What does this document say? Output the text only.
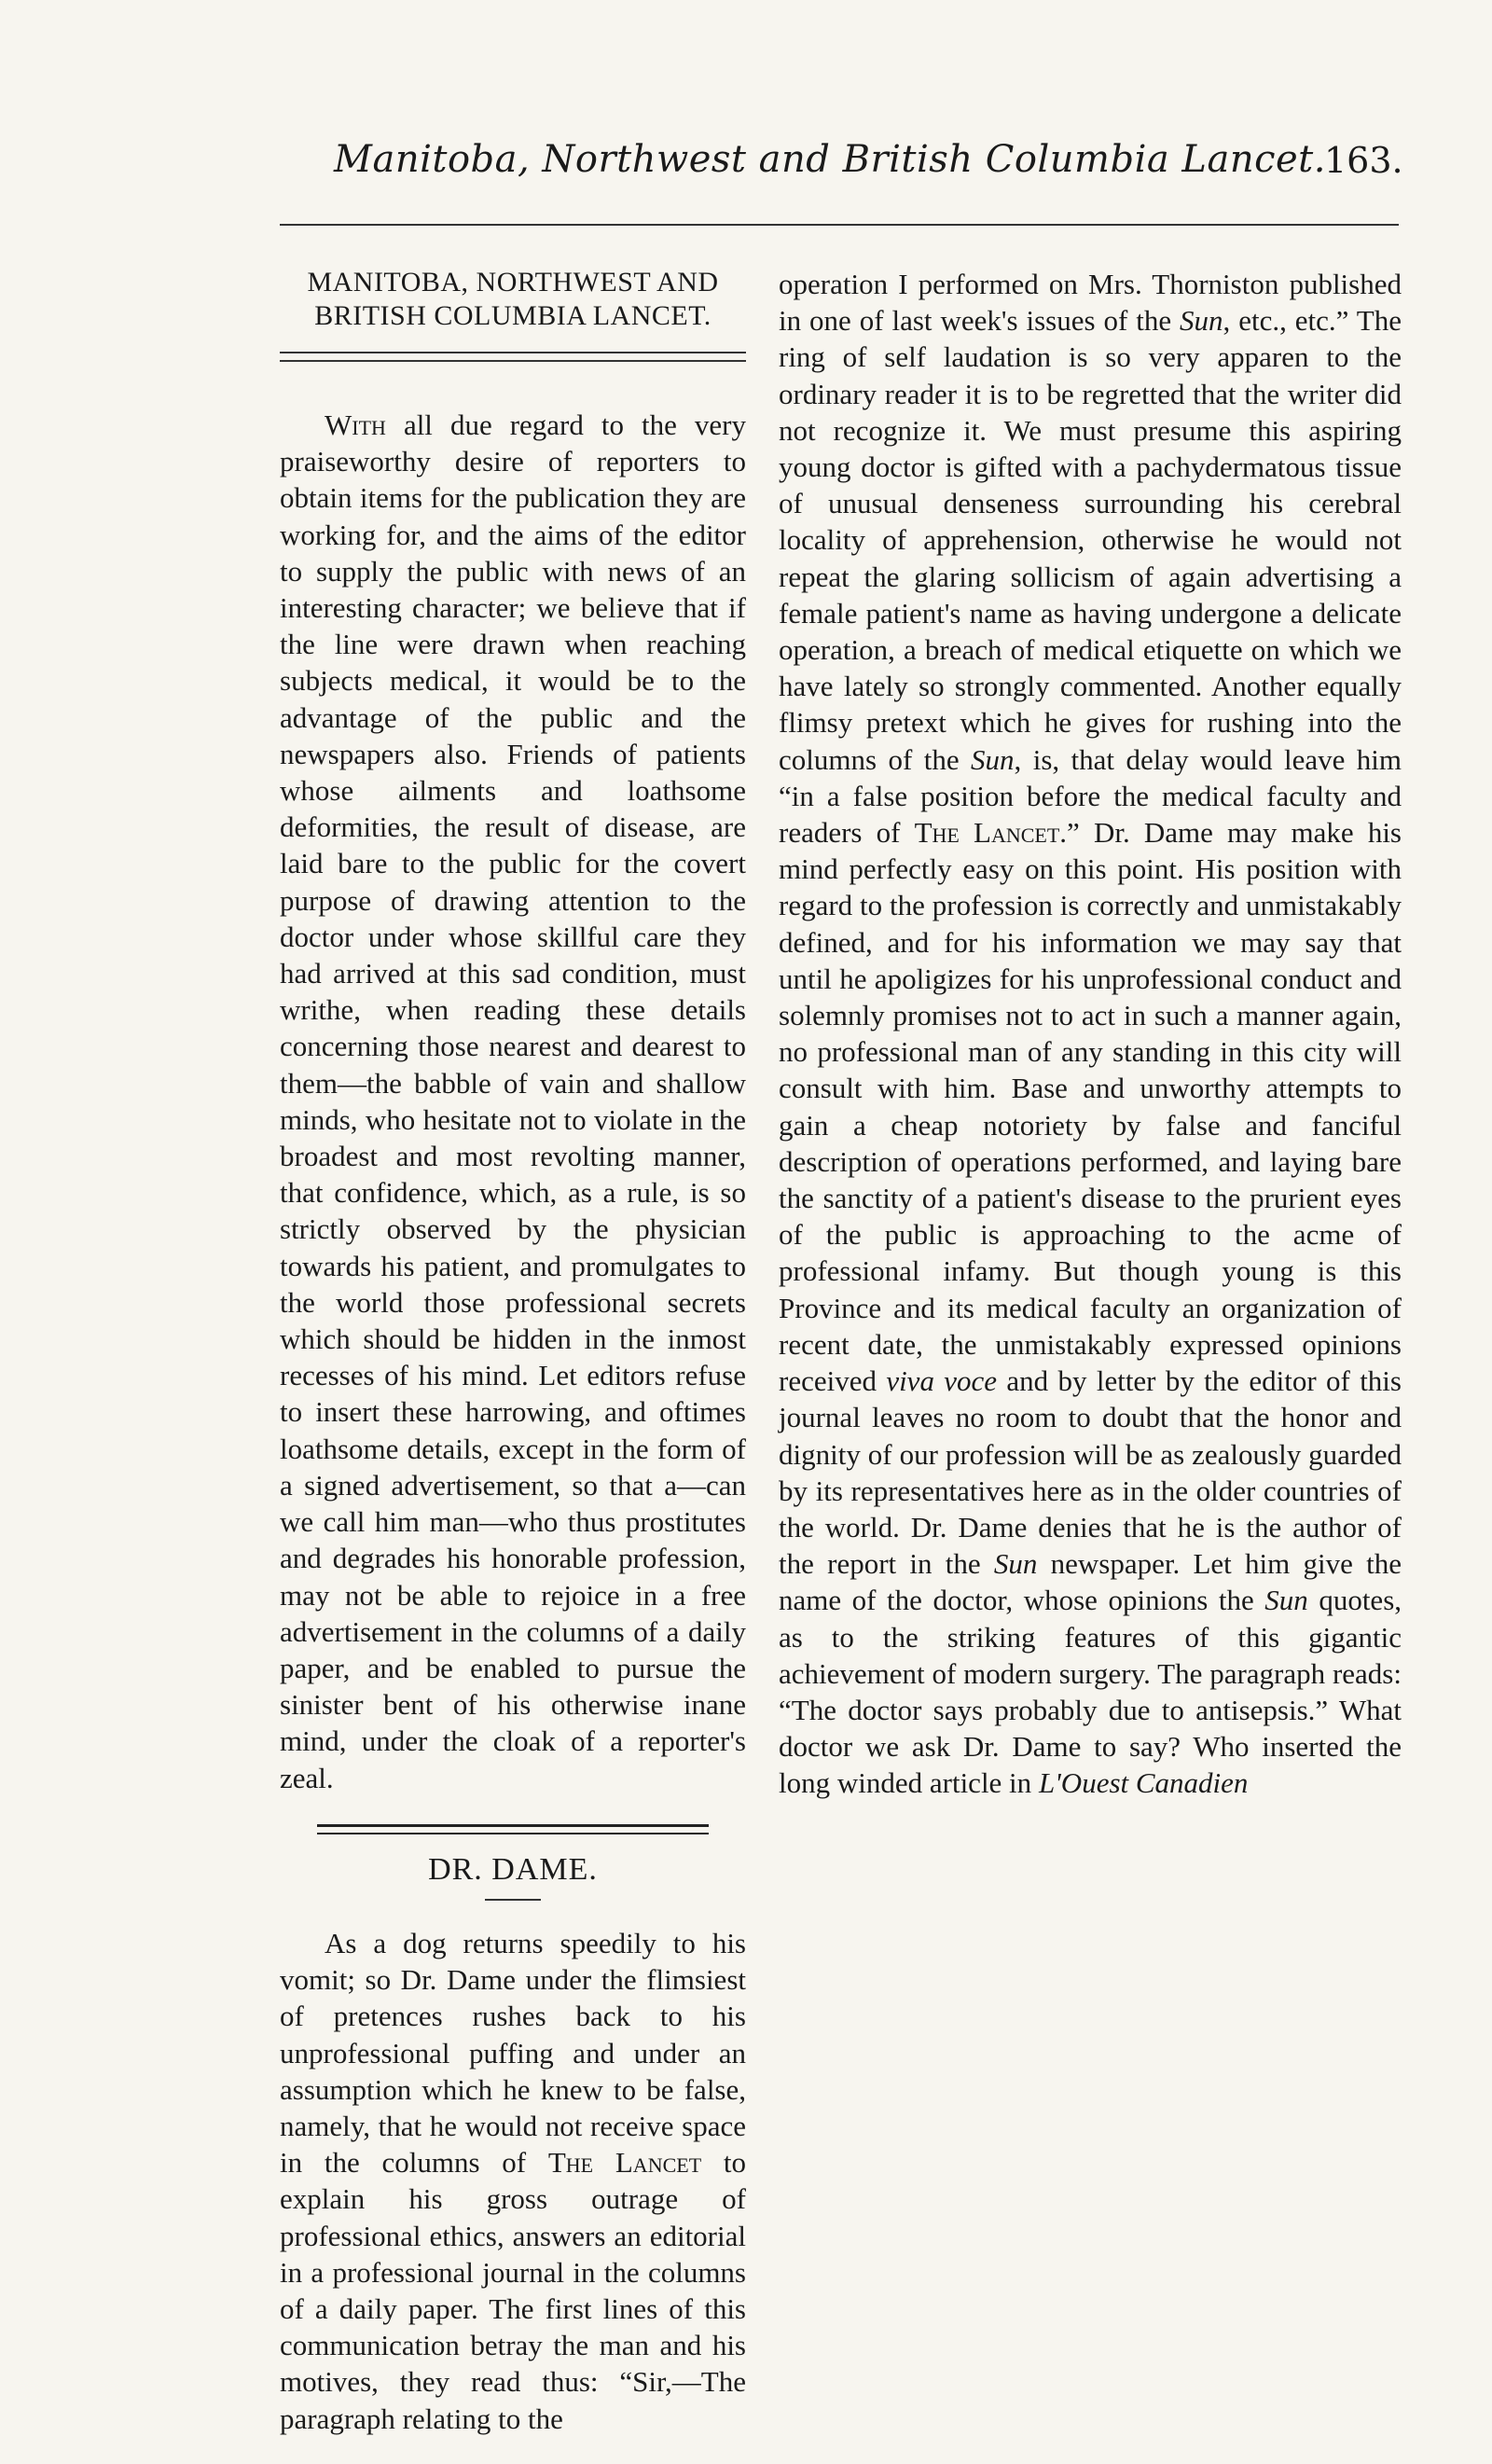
Manitoba, Northwest and British Columbia Lancet.
163.

MANITOBA, NORTHWEST AND BRITISH COLUMBIA LANCET.

With all due regard to the very praiseworthy desire of reporters to obtain items for the publication they are working for, and the aims of the editor to supply the public with news of an interesting character; we believe that if the line were drawn when reaching subjects medical, it would be to the advantage of the public and the newspapers also. Friends of patients whose ailments and loathsome deformities, the result of disease, are laid bare to the public for the covert purpose of drawing attention to the doctor under whose skillful care they had arrived at this sad condition, must writhe, when reading these details concerning those nearest and dearest to them—the babble of vain and shallow minds, who hesitate not to violate in the broadest and most revolting manner, that confidence, which, as a rule, is so strictly observed by the physician towards his patient, and promulgates to the world those professional secrets which should be hidden in the inmost recesses of his mind. Let editors refuse to insert these harrowing, and oftimes loathsome details, except in the form of a signed advertisement, so that a—can we call him man—who thus prostitutes and degrades his honorable profession, may not be able to rejoice in a free advertisement in the columns of a daily paper, and be enabled to pursue the sinister bent of his otherwise inane mind, under the cloak of a reporter's zeal.

DR. DAME.

As a dog returns speedily to his vomit; so Dr. Dame under the flimsiest of pretences rushes back to his unprofessional puffing and under an assumption which he knew to be false, namely, that he would not receive space in the columns of The Lancet to explain his gross outrage of professional ethics, answers an editorial in a professional journal in the columns of a daily paper. The first lines of this communication betray the man and his motives, they read thus: “Sir,—The paragraph relating to the

operation I performed on Mrs. Thorniston published in one of last week's issues of the Sun, etc., etc.” The ring of self laudation is so very apparen to the ordinary reader it is to be regretted that the writer did not recognize it. We must presume this aspiring young doctor is gifted with a pachydermatous tissue of unusual denseness surrounding his cerebral locality of apprehension, otherwise he would not repeat the glaring sollicism of again advertising a female patient's name as having undergone a delicate operation, a breach of medical etiquette on which we have lately so strongly commented. Another equally flimsy pretext which he gives for rushing into the columns of the Sun, is, that delay would leave him “in a false position before the medical faculty and readers of The Lancet.” Dr. Dame may make his mind perfectly easy on this point. His position with regard to the profession is correctly and unmistakably defined, and for his information we may say that until he apoligizes for his unprofessional conduct and solemnly promises not to act in such a manner again, no professional man of any standing in this city will consult with him. Base and unworthy attempts to gain a cheap notoriety by false and fanciful description of operations performed, and laying bare the sanctity of a patient's disease to the prurient eyes of the public is approaching to the acme of professional infamy. But though young is this Province and its medical faculty an organization of recent date, the unmistakably expressed opinions received viva voce and by letter by the editor of this journal leaves no room to doubt that the honor and dignity of our profession will be as zealously guarded by its representatives here as in the older countries of the world. Dr. Dame denies that he is the author of the report in the Sun newspaper. Let him give the name of the doctor, whose opinions the Sun quotes, as to the striking features of this gigantic achievement of modern surgery. The paragraph reads: “The doctor says probably due to antisepsis.” What doctor we ask Dr. Dame to say? Who inserted the long winded article in L'Ouest Canadien
